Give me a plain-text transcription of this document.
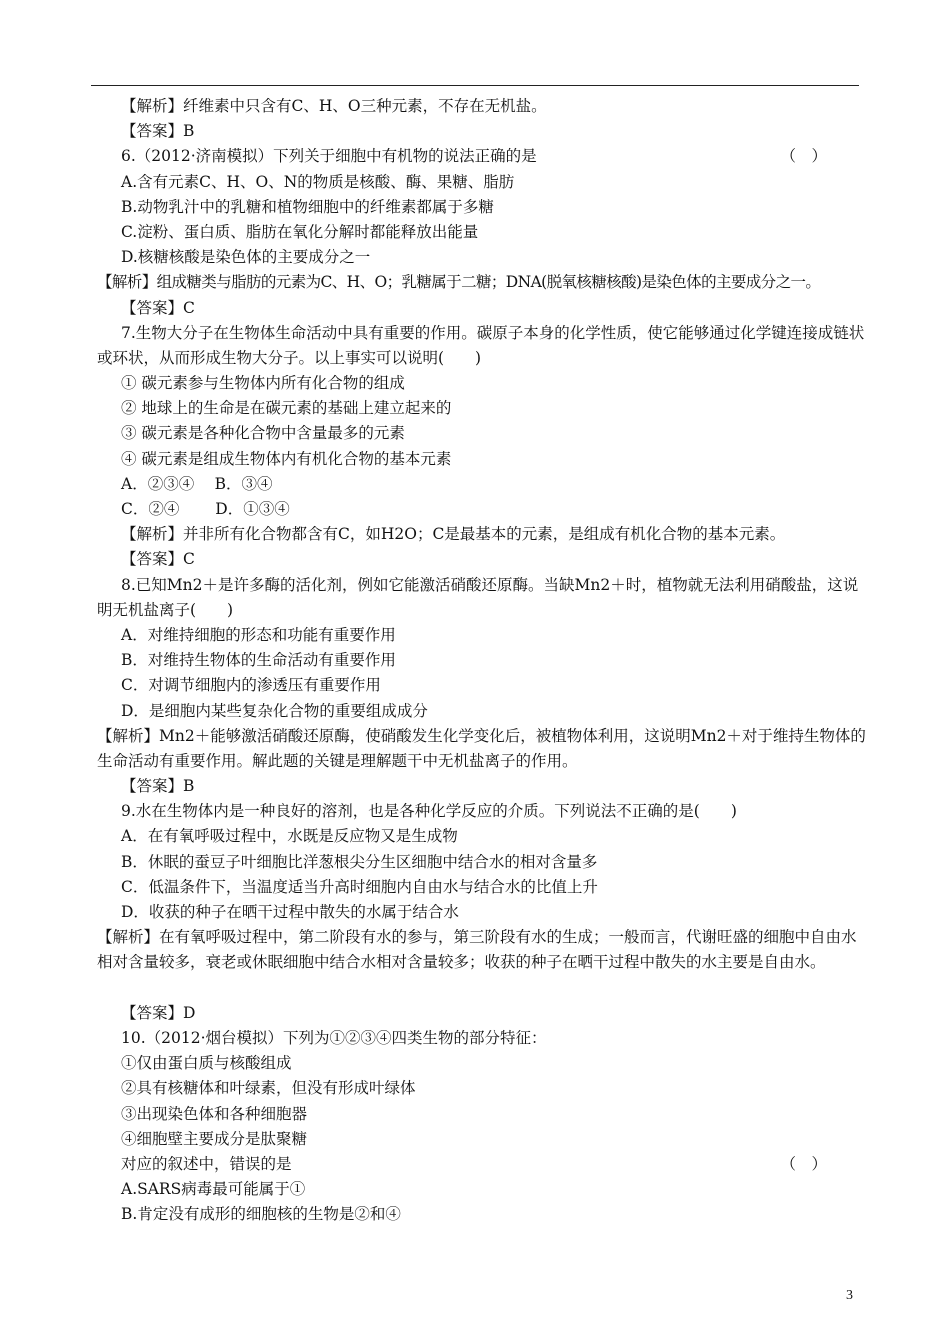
【解析】纤维素中只含有C、H、O三种元素，不存在无机盐。
【答案】B
6.（2012·济南模拟）下列关于细胞中有机物的说法正确的是	（　）
A.含有元素C、H、O、N的物质是核酸、酶、果糖、脂肪
B.动物乳汁中的乳糖和植物细胞中的纤维素都属于多糖
C.淀粉、蛋白质、脂肪在氧化分解时都能释放出能量
D.核糖核酸是染色体的主要成分之一
【解析】组成糖类与脂肪的元素为C、H、O；乳糖属于二糖；DNA(脱氧核糖核酸)是染色体的主要成分之一。
【答案】C
7.生物大分子在生物体生命活动中具有重要的作用。碳原子本身的化学性质，使它能够通过化学键连接成链状或环状，从而形成生物大分子。以上事实可以说明(　　)
① 碳元素参与生物体内所有化合物的组成
② 地球上的生命是在碳元素的基础上建立起来的
③ 碳元素是各种化合物中含量最多的元素
④ 碳元素是组成生物体内有机化合物的基本元素
A．②③④　 B．③④
C．②④　　 D．①③④
【解析】并非所有化合物都含有C，如H2O；C是最基本的元素，是组成有机化合物的基本元素。
【答案】C
8.已知Mn2＋是许多酶的活化剂，例如它能激活硝酸还原酶。当缺Mn2＋时，植物就无法利用硝酸盐，这说明无机盐离子(　　)
A．对维持细胞的形态和功能有重要作用
B．对维持生物体的生命活动有重要作用
C．对调节细胞内的渗透压有重要作用
D．是细胞内某些复杂化合物的重要组成成分
【解析】Mn2＋能够激活硝酸还原酶，使硝酸发生化学变化后，被植物体利用，这说明Mn2＋对于维持生物体的生命活动有重要作用。解此题的关键是理解题干中无机盐离子的作用。
【答案】B
9.水在生物体内是一种良好的溶剂，也是各种化学反应的介质。下列说法不正确的是(　　)
A．在有氧呼吸过程中，水既是反应物又是生成物
B．休眠的蚕豆子叶细胞比洋葱根尖分生区细胞中结合水的相对含量多
C．低温条件下，当温度适当升高时细胞内自由水与结合水的比值上升
D．收获的种子在晒干过程中散失的水属于结合水
【解析】在有氧呼吸过程中，第二阶段有水的参与，第三阶段有水的生成；一般而言，代谢旺盛的细胞中自由水相对含量较多，衰老或休眠细胞中结合水相对含量较多；收获的种子在晒干过程中散失的水主要是自由水。
【答案】D
10.（2012·烟台模拟）下列为①②③④四类生物的部分特征：
①仅由蛋白质与核酸组成
②具有核糖体和叶绿素，但没有形成叶绿体
③出现染色体和各种细胞器
④细胞壁主要成分是肽聚糖
对应的叙述中，错误的是	（　）
A.SARS病毒最可能属于①
B.肯定没有成形的细胞核的生物是②和④
3
